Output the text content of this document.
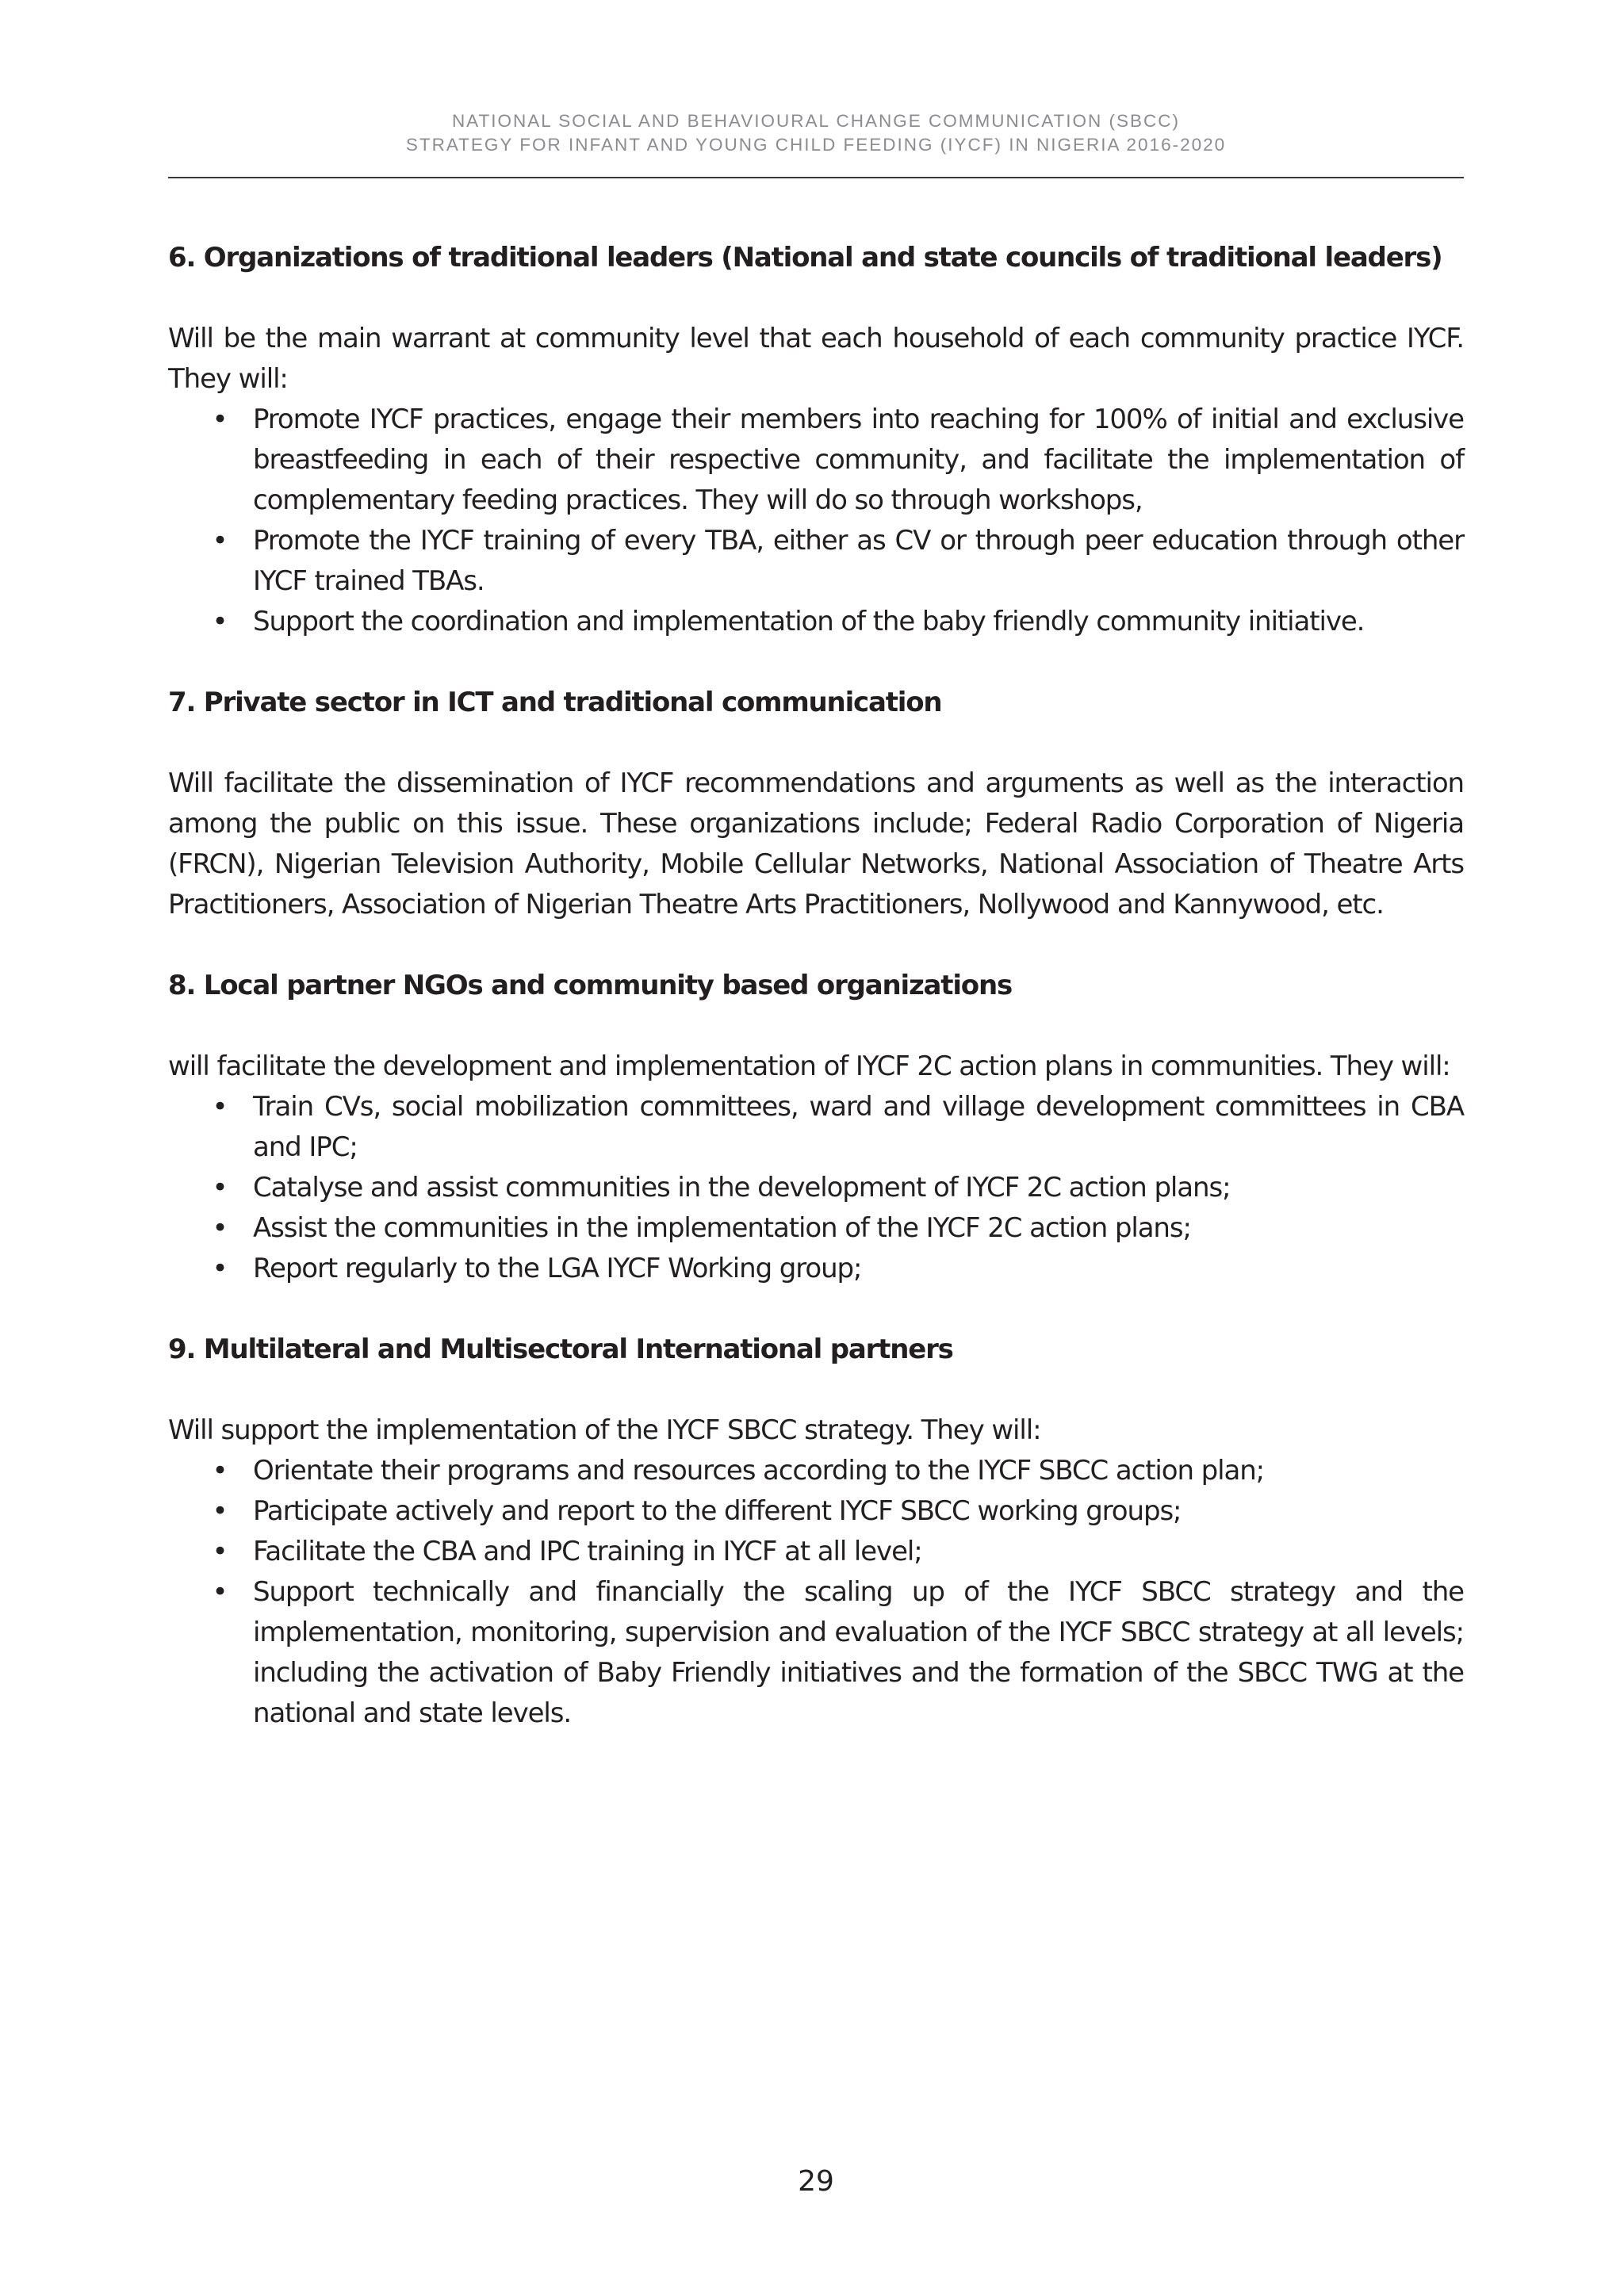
NATIONAL SOCIAL AND BEHAVIOURAL CHANGE COMMUNICATION (SBCC)
STRATEGY FOR INFANT AND YOUNG CHILD FEEDING (IYCF) IN NIGERIA 2016-2020
6. Organizations of traditional leaders (National and state councils of traditional leaders)

Will be the main warrant at community level that each household of each community practice IYCF. They will:

• Promote IYCF practices, engage their members into reaching for 100% of initial and exclusive breastfeeding in each of their respective community, and facilitate the implementation of complementary feeding practices. They will do so through workshops,
• Promote the IYCF training of every TBA, either as CV or through peer education through other IYCF trained TBAs.
• Support the coordination and implementation of the baby friendly community initiative.
7. Private sector in ICT and traditional communication

Will facilitate the dissemination of IYCF recommendations and arguments as well as the interaction among the public on this issue. These organizations include; Federal Radio Corporation of Nigeria (FRCN), Nigerian Television Authority, Mobile Cellular Networks, National Association of Theatre Arts Practitioners, Association of Nigerian Theatre Arts Practitioners, Nollywood and Kannywood, etc.

8. Local partner NGOs and community based organizations

will facilitate the development and implementation of IYCF 2C action plans in communities. They will:

• Train CVs, social mobilization committees, ward and village development committees in CBA and IPC;
• Catalyse and assist communities in the development of IYCF 2C action plans;
• Assist the communities in the implementation of the IYCF 2C action plans;
• Report regularly to the LGA IYCF Working group;
9. Multilateral and Multisectoral International partners

Will support the implementation of the IYCF SBCC strategy. They will:

• Orientate their programs and resources according to the IYCF SBCC action plan;
• Participate actively and report to the different IYCF SBCC working groups;
• Facilitate the CBA and IPC training in IYCF at all level;
• Support technically and financially the scaling up of the IYCF SBCC strategy and the implementation, monitoring, supervision and evaluation of the IYCF SBCC strategy at all levels; including the activation of Baby Friendly initiatives and the formation of the SBCC TWG at the national and state levels.
29
